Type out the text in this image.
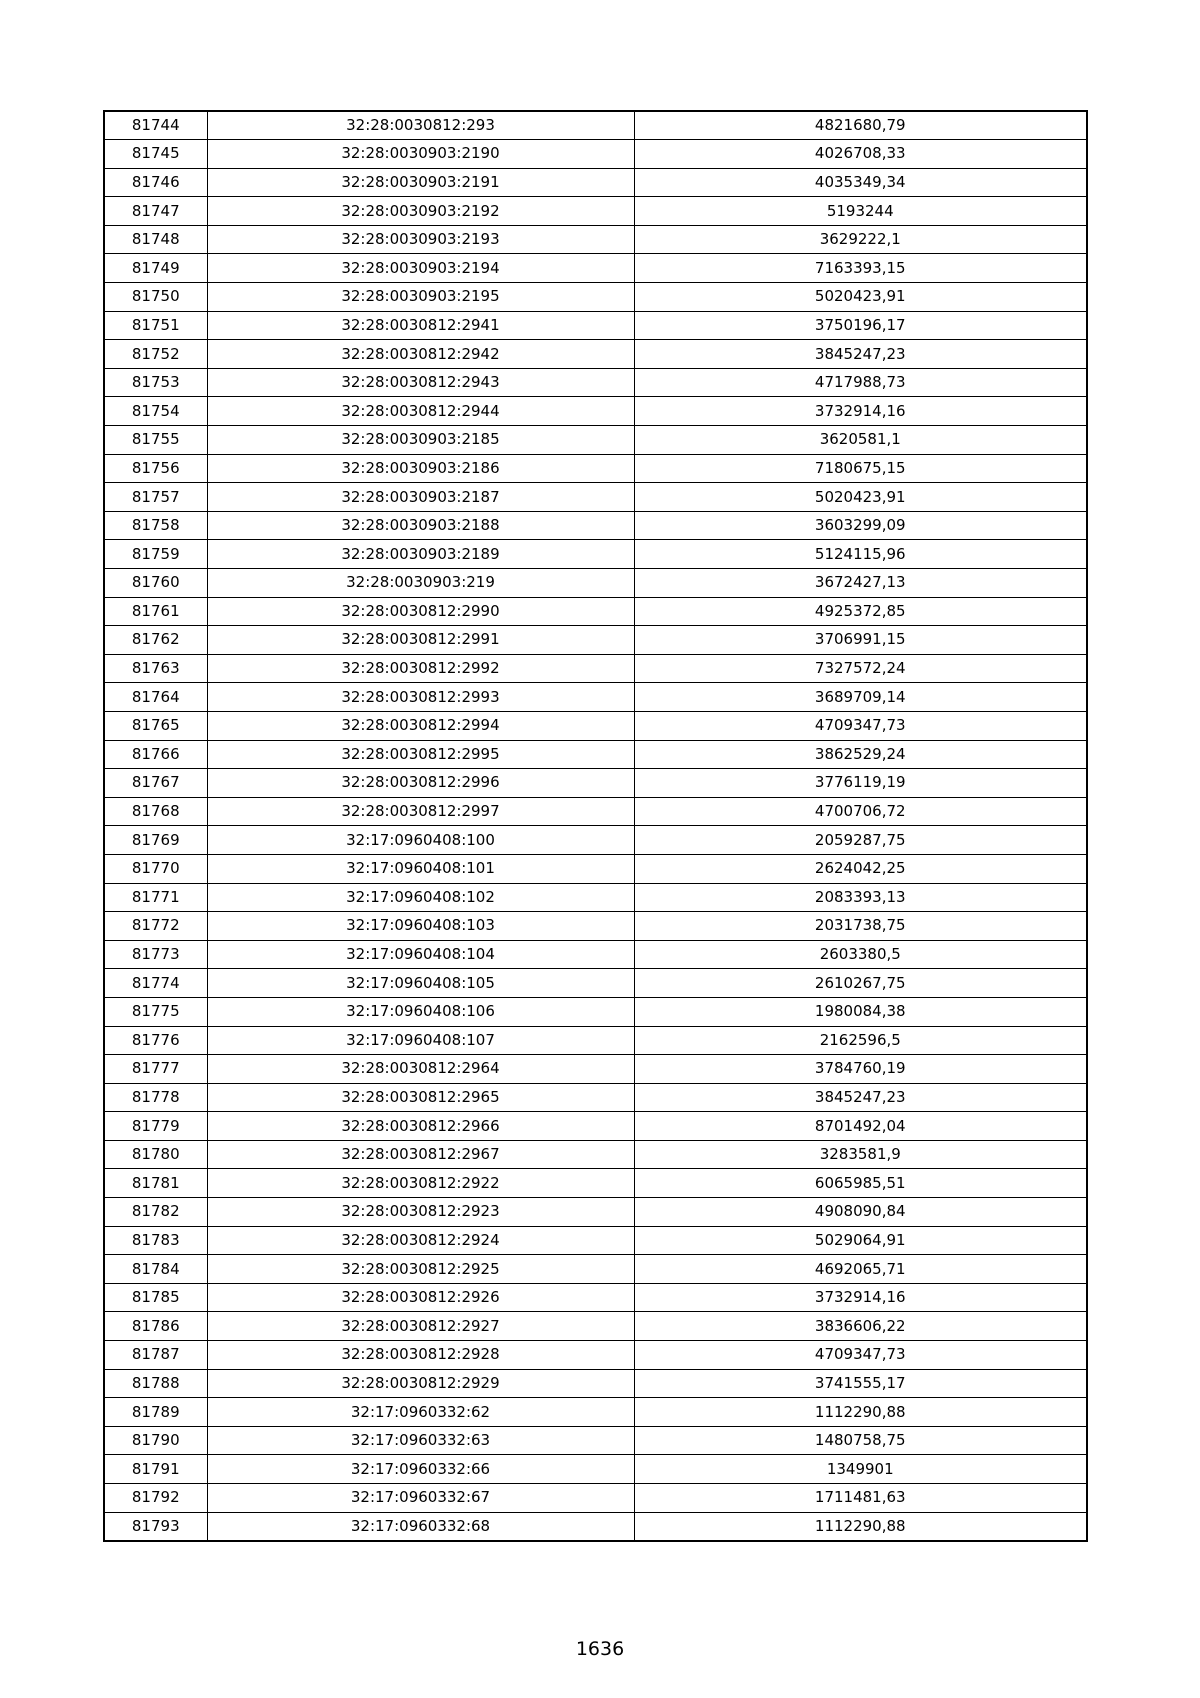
81744	32:28:0030812:293	4821680,79
81745	32:28:0030903:2190	4026708,33
81746	32:28:0030903:2191	4035349,34
81747	32:28:0030903:2192	5193244
81748	32:28:0030903:2193	3629222,1
81749	32:28:0030903:2194	7163393,15
81750	32:28:0030903:2195	5020423,91
81751	32:28:0030812:2941	3750196,17
81752	32:28:0030812:2942	3845247,23
81753	32:28:0030812:2943	4717988,73
81754	32:28:0030812:2944	3732914,16
81755	32:28:0030903:2185	3620581,1
81756	32:28:0030903:2186	7180675,15
81757	32:28:0030903:2187	5020423,91
81758	32:28:0030903:2188	3603299,09
81759	32:28:0030903:2189	5124115,96
81760	32:28:0030903:219	3672427,13
81761	32:28:0030812:2990	4925372,85
81762	32:28:0030812:2991	3706991,15
81763	32:28:0030812:2992	7327572,24
81764	32:28:0030812:2993	3689709,14
81765	32:28:0030812:2994	4709347,73
81766	32:28:0030812:2995	3862529,24
81767	32:28:0030812:2996	3776119,19
81768	32:28:0030812:2997	4700706,72
81769	32:17:0960408:100	2059287,75
81770	32:17:0960408:101	2624042,25
81771	32:17:0960408:102	2083393,13
81772	32:17:0960408:103	2031738,75
81773	32:17:0960408:104	2603380,5
81774	32:17:0960408:105	2610267,75
81775	32:17:0960408:106	1980084,38
81776	32:17:0960408:107	2162596,5
81777	32:28:0030812:2964	3784760,19
81778	32:28:0030812:2965	3845247,23
81779	32:28:0030812:2966	8701492,04
81780	32:28:0030812:2967	3283581,9
81781	32:28:0030812:2922	6065985,51
81782	32:28:0030812:2923	4908090,84
81783	32:28:0030812:2924	5029064,91
81784	32:28:0030812:2925	4692065,71
81785	32:28:0030812:2926	3732914,16
81786	32:28:0030812:2927	3836606,22
81787	32:28:0030812:2928	4709347,73
81788	32:28:0030812:2929	3741555,17
81789	32:17:0960332:62	1112290,88
81790	32:17:0960332:63	1480758,75
81791	32:17:0960332:66	1349901
81792	32:17:0960332:67	1711481,63
81793	32:17:0960332:68	1112290,88
1636
